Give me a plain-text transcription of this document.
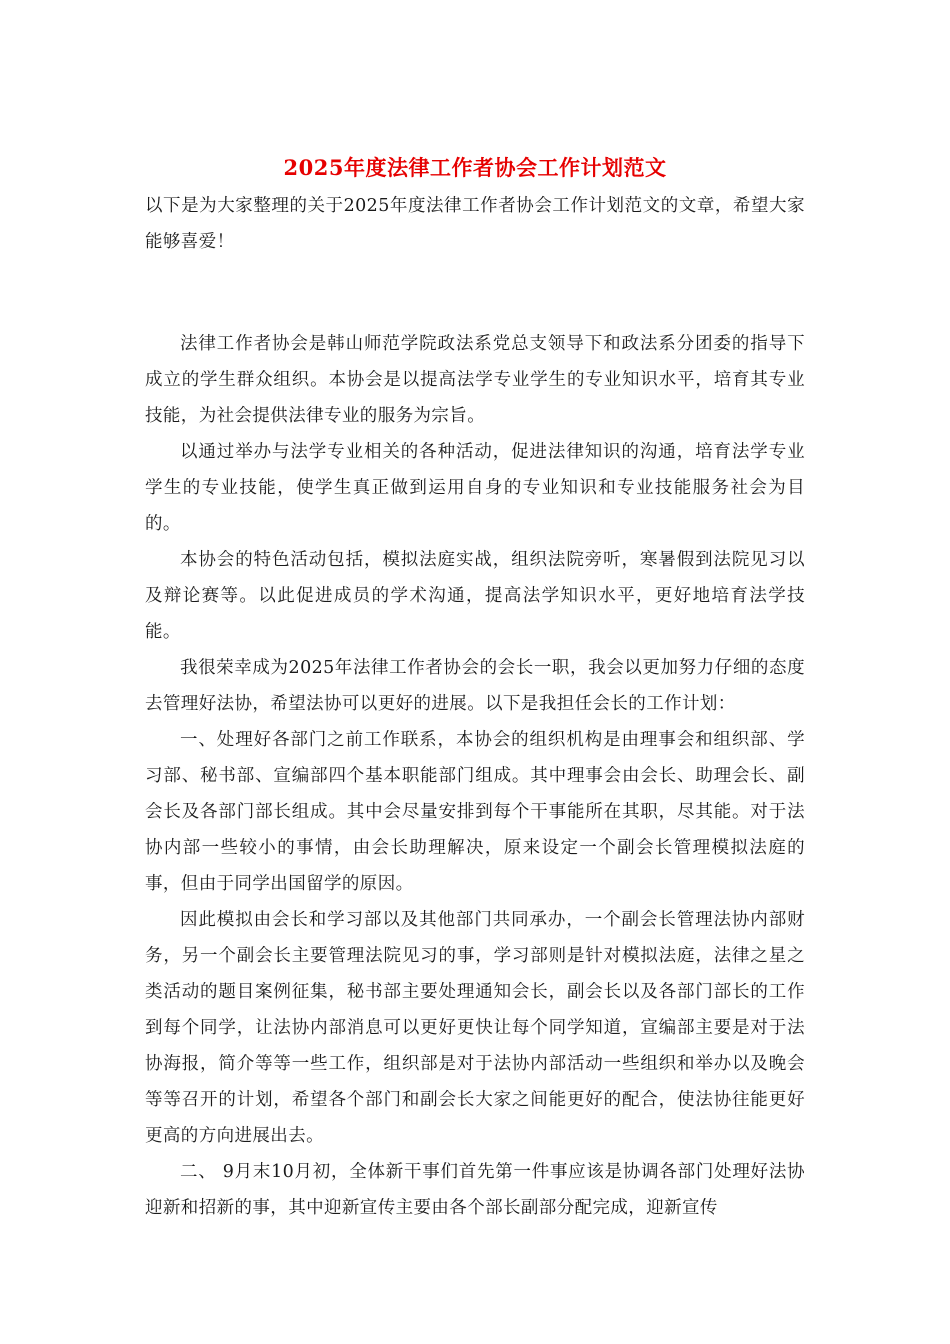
2025年度法律工作者协会工作计划范文

以下是为大家整理的关于2025年度法律工作者协会工作计划范文的文章，希望大家能够喜爱！

法律工作者协会是韩山师范学院政法系党总支领导下和政法系分团委的指导下成立的学生群众组织。本协会是以提高法学专业学生的专业知识水平，培育其专业技能，为社会提供法律专业的服务为宗旨。

以通过举办与法学专业相关的各种活动，促进法律知识的沟通，培育法学专业学生的专业技能，使学生真正做到运用自身的专业知识和专业技能服务社会为目的。

本协会的特色活动包括，模拟法庭实战，组织法院旁听，寒暑假到法院见习以及辩论赛等。以此促进成员的学术沟通，提高法学知识水平，更好地培育法学技能。

我很荣幸成为2025年法律工作者协会的会长一职，我会以更加努力仔细的态度去管理好法协，希望法协可以更好的进展。以下是我担任会长的工作计划：

一、处理好各部门之前工作联系，本协会的组织机构是由理事会和组织部、学习部、秘书部、宣编部四个基本职能部门组成。其中理事会由会长、助理会长、副会长及各部门部长组成。其中会尽量安排到每个干事能所在其职，尽其能。对于法协内部一些较小的事情，由会长助理解决，原来设定一个副会长管理模拟法庭的事，但由于同学出国留学的原因。

因此模拟由会长和学习部以及其他部门共同承办，一个副会长管理法协内部财务，另一个副会长主要管理法院见习的事，学习部则是针对模拟法庭，法律之星之类活动的题目案例征集，秘书部主要处理通知会长，副会长以及各部门部长的工作到每个同学，让法协内部消息可以更好更快让每个同学知道，宣编部主要是对于法协海报，简介等等一些工作，组织部是对于法协内部活动一些组织和举办以及晚会等等召开的计划，希望各个部门和副会长大家之间能更好的配合，使法协往能更好更高的方向进展出去。

二、 9月末10月初，全体新干事们首先第一件事应该是协调各部门处理好法协迎新和招新的事，其中迎新宣传主要由各个部长副部分配完成，迎新宣传
